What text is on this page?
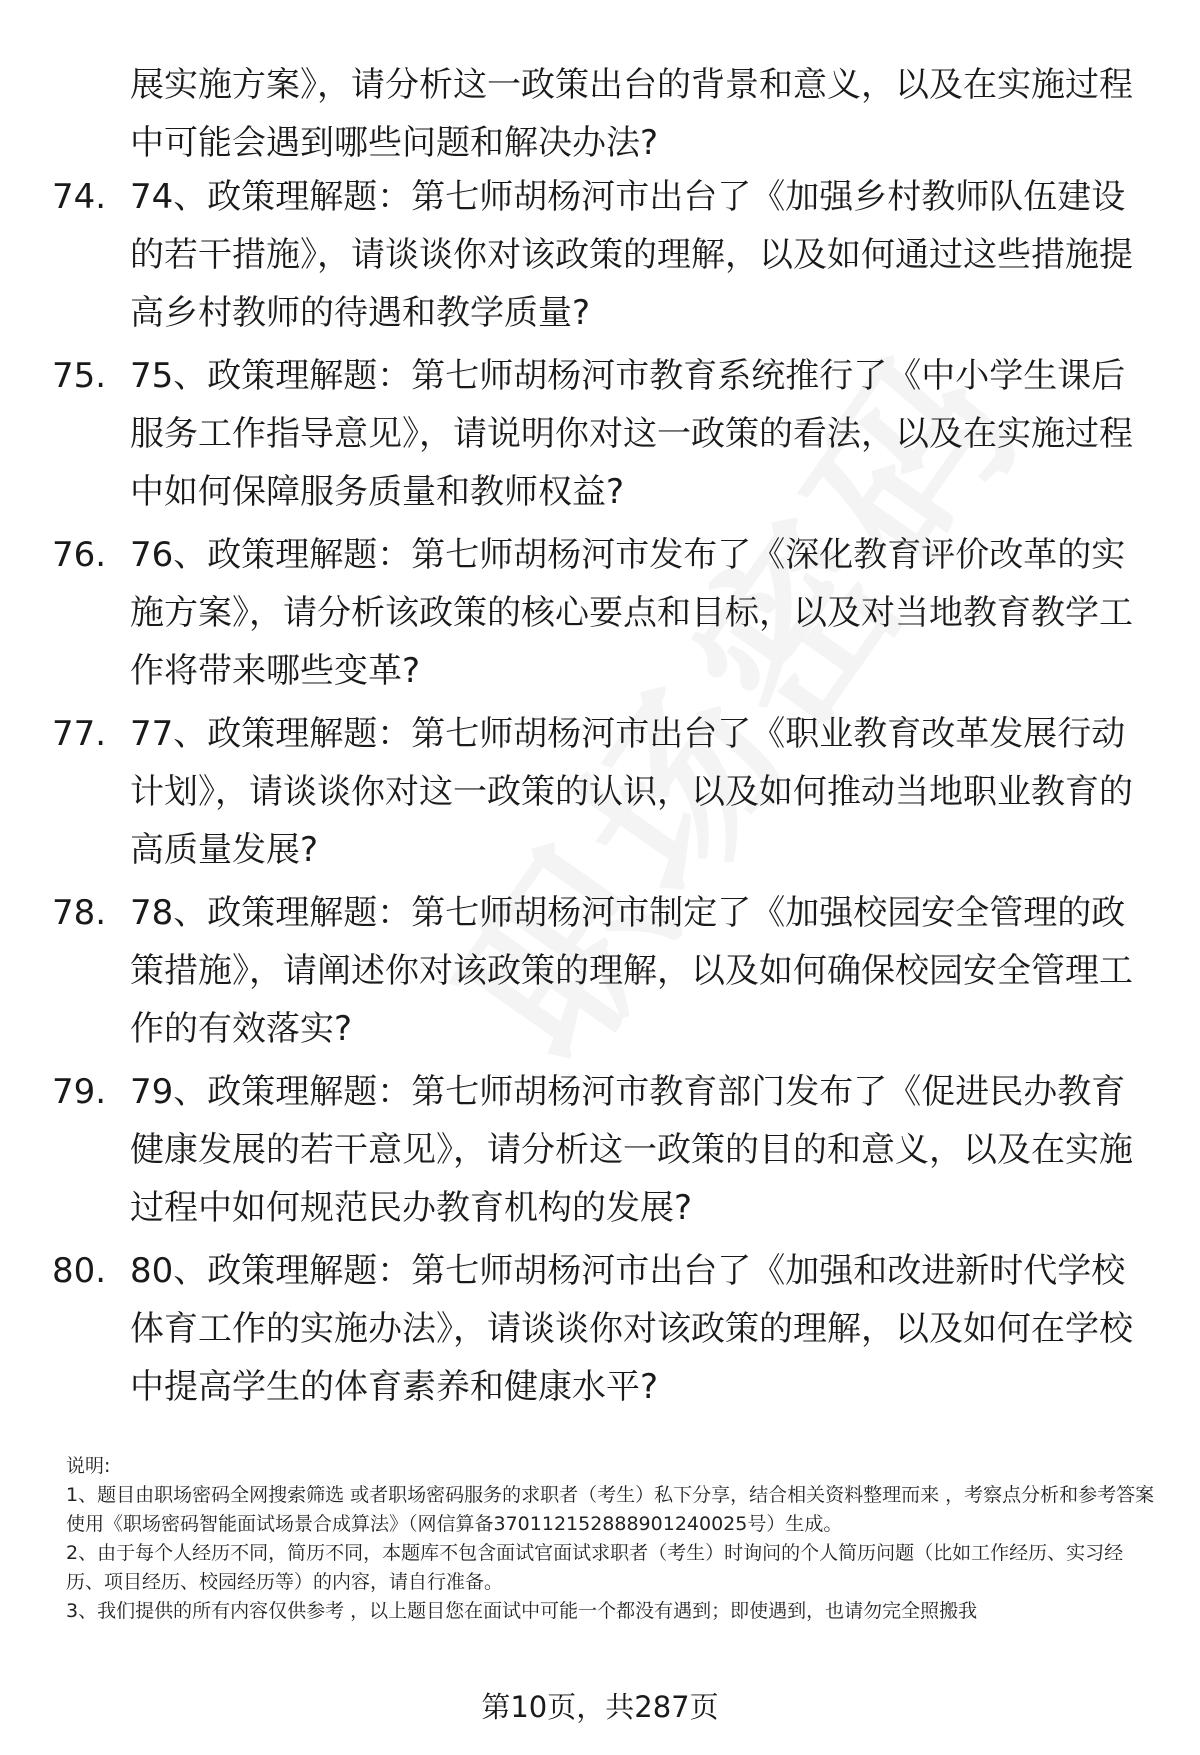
展实施方案》，请分析这一政策出台的背景和意义，以及在实施过程中可能会遇到哪些问题和解决办法?
74. 74、政策理解题：第七师胡杨河市出台了《加强乡村教师队伍建设的若干措施》，请谈谈你对该政策的理解，以及如何通过这些措施提高乡村教师的待遇和教学质量?
75. 75、政策理解题：第七师胡杨河市教育系统推行了《中小学生课后服务工作指导意见》，请说明你对这一政策的看法，以及在实施过程中如何保障服务质量和教师权益?
76. 76、政策理解题：第七师胡杨河市发布了《深化教育评价改革的实施方案》，请分析该政策的核心要点和目标，以及对当地教育教学工作将带来哪些变革?
77. 77、政策理解题：第七师胡杨河市出台了《职业教育改革发展行动计划》，请谈谈你对这一政策的认识，以及如何推动当地职业教育的高质量发展?
78. 78、政策理解题：第七师胡杨河市制定了《加强校园安全管理的政策措施》，请阐述你对该政策的理解，以及如何确保校园安全管理工作的有效落实?
79. 79、政策理解题：第七师胡杨河市教育部门发布了《促进民办教育健康发展的若干意见》，请分析这一政策的目的和意义，以及在实施过程中如何规范民办教育机构的发展?
80. 80、政策理解题：第七师胡杨河市出台了《加强和改进新时代学校体育工作的实施办法》，请谈谈你对该政策的理解，以及如何在学校中提高学生的体育素养和健康水平?

说明:

1、题目由职场密码全网搜索筛选 或者职场密码服务的求职者（考生）私下分享，结合相关资料整理而来 ，考察点分析和参考答案使用《职场密码智能面试场景合成算法》（网信算备370112152888901240025号）生成。

2、由于每个人经历不同，简历不同，本题库不包含面试官面试求职者（考生）时询问的个人简历问题（比如工作经历、实习经历、项目经历、校园经历等）的内容，请自行准备。

3、我们提供的所有内容仅供参考 ，以上题目您在面试中可能一个都没有遇到；即使遇到，也请勿完全照搬我

第10页，共287页
